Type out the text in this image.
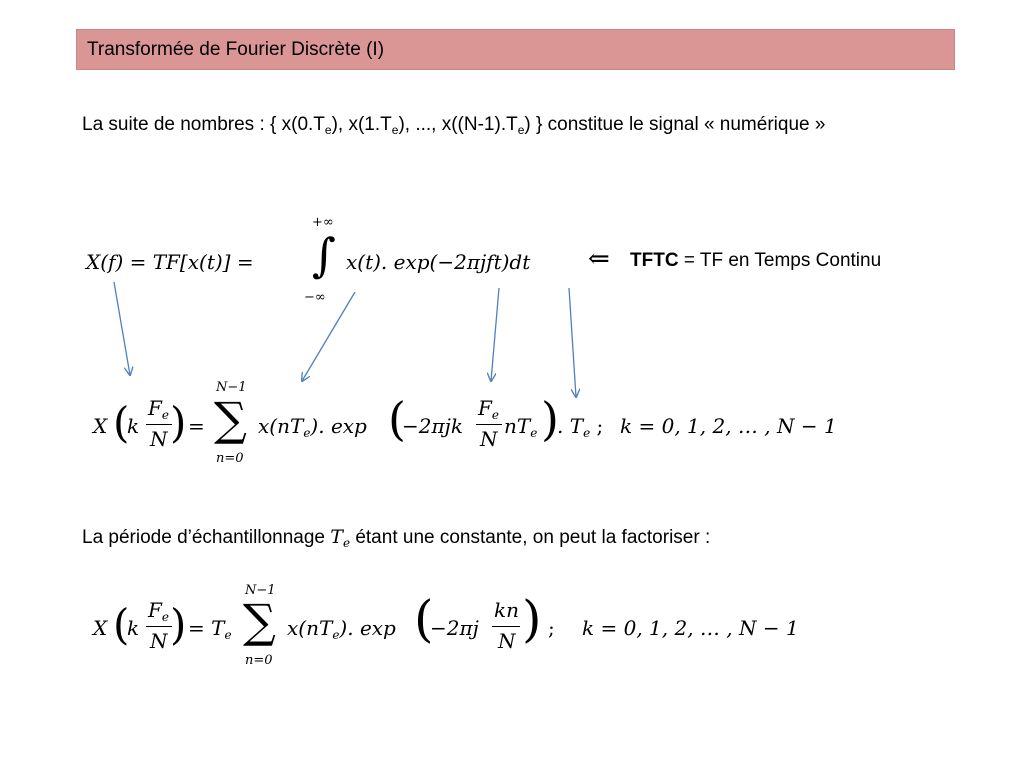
Transformée de Fourier Discrète (I)
La suite de nombres : { $x(0.T_e)$, $x(1.T_e)$, ..., $x((N-1).T_e)$ } constitue le signal « numérique »
X(f) = TF[x(t)] =
+∞
∫
−∞
x(t). exp(−2πjft)dt ⇐ TFTC = TF en Temps Continu
X (
k
$F_e$
N ) =
N−1
∑
n=0
$x(nT_e)$. exp (
−2πjk
$F_e$
N
$nT_e$ )
. $T_e$ ; k = 0, 1, 2, … , N − 1
La période d’échantillonnage $T_e$ étant une constante, on peut la factoriser :
X (
k
$F_e$
N ) = $T_e$
N−1
∑
n=0
$x(nT_e)$. exp (
−2πj
kn
N ) ; k = 0, 1, 2, … , N − 1
